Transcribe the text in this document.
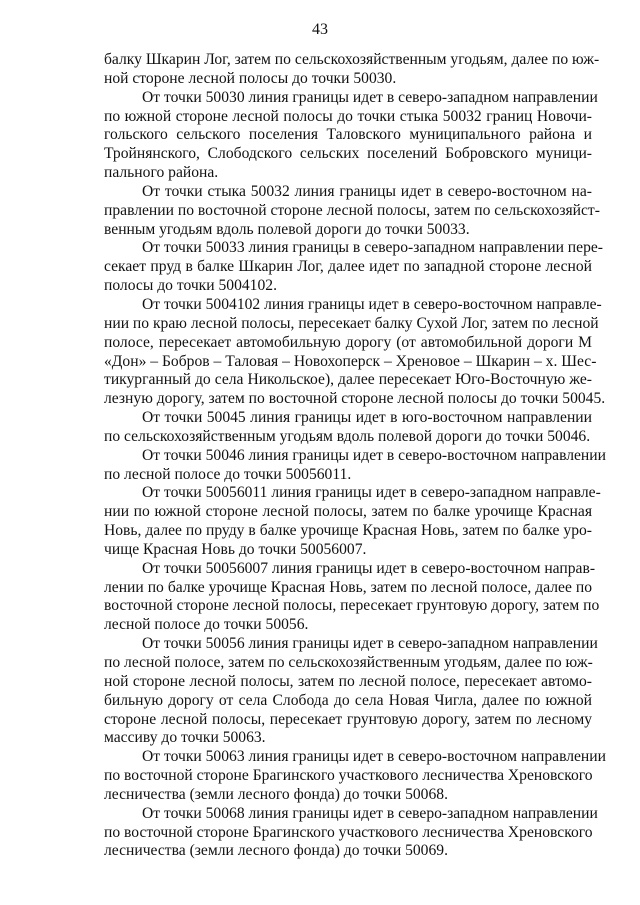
43
балку Шкарин Лог, затем по сельскохозяйственным угодьям, далее по юж-
ной стороне лесной полосы до точки 50030.
От точки 50030 линия границы идет в северо-западном направлении
по южной стороне лесной полосы до точки стыка 50032 границ Новочи-
гольского сельского поселения Таловского муниципального района и
Тройнянского, Слободского сельских поселений Бобровского муници-
пального района.
От точки стыка 50032 линия границы идет в северо-восточном на-
правлении по восточной стороне лесной полосы, затем по сельскохозяйст-
венным угодьям вдоль полевой дороги до точки 50033.
От точки 50033 линия границы в северо-западном направлении пере-
секает пруд в балке Шкарин Лог, далее идет по западной стороне лесной
полосы до точки 5004102.
От точки 5004102 линия границы идет в северо-восточном направле-
нии по краю лесной полосы, пересекает балку Сухой Лог, затем по лесной
полосе, пересекает автомобильную дорогу (от автомобильной дороги М
«Дон» – Бобров – Таловая – Новохоперск – Хреновое – Шкарин – х. Шес-
тикурганный до села Никольское), далее пересекает Юго-Восточную же-
лезную дорогу, затем по восточной стороне лесной полосы до точки 50045.
От точки 50045 линия границы идет в юго-восточном направлении
по сельскохозяйственным угодьям вдоль полевой дороги до точки 50046.
От точки 50046 линия границы идет в северо-восточном направлении
по лесной полосе до точки 50056011.
От точки 50056011 линия границы идет в северо-западном направле-
нии по южной стороне лесной полосы, затем по балке урочище Красная
Новь, далее по пруду в балке урочище Красная Новь, затем по балке уро-
чище Красная Новь до точки 50056007.
От точки 50056007 линия границы идет в северо-восточном направ-
лении по балке урочище Красная Новь, затем по лесной полосе, далее по
восточной стороне лесной полосы, пересекает грунтовую дорогу, затем по
лесной полосе до точки 50056.
От точки 50056 линия границы идет в северо-западном направлении
по лесной полосе, затем по сельскохозяйственным угодьям, далее по юж-
ной стороне лесной полосы, затем по лесной полосе, пересекает автомо-
бильную дорогу от села Слобода до села Новая Чигла, далее по южной
стороне лесной полосы, пересекает грунтовую дорогу, затем по лесному
массиву до точки 50063.
От точки 50063 линия границы идет в северо-восточном направлении
по восточной стороне Брагинского участкового лесничества Хреновского
лесничества (земли лесного фонда) до точки 50068.
От точки 50068 линия границы идет в северо-западном направлении
по восточной стороне Брагинского участкового лесничества Хреновского
лесничества (земли лесного фонда) до точки 50069.
